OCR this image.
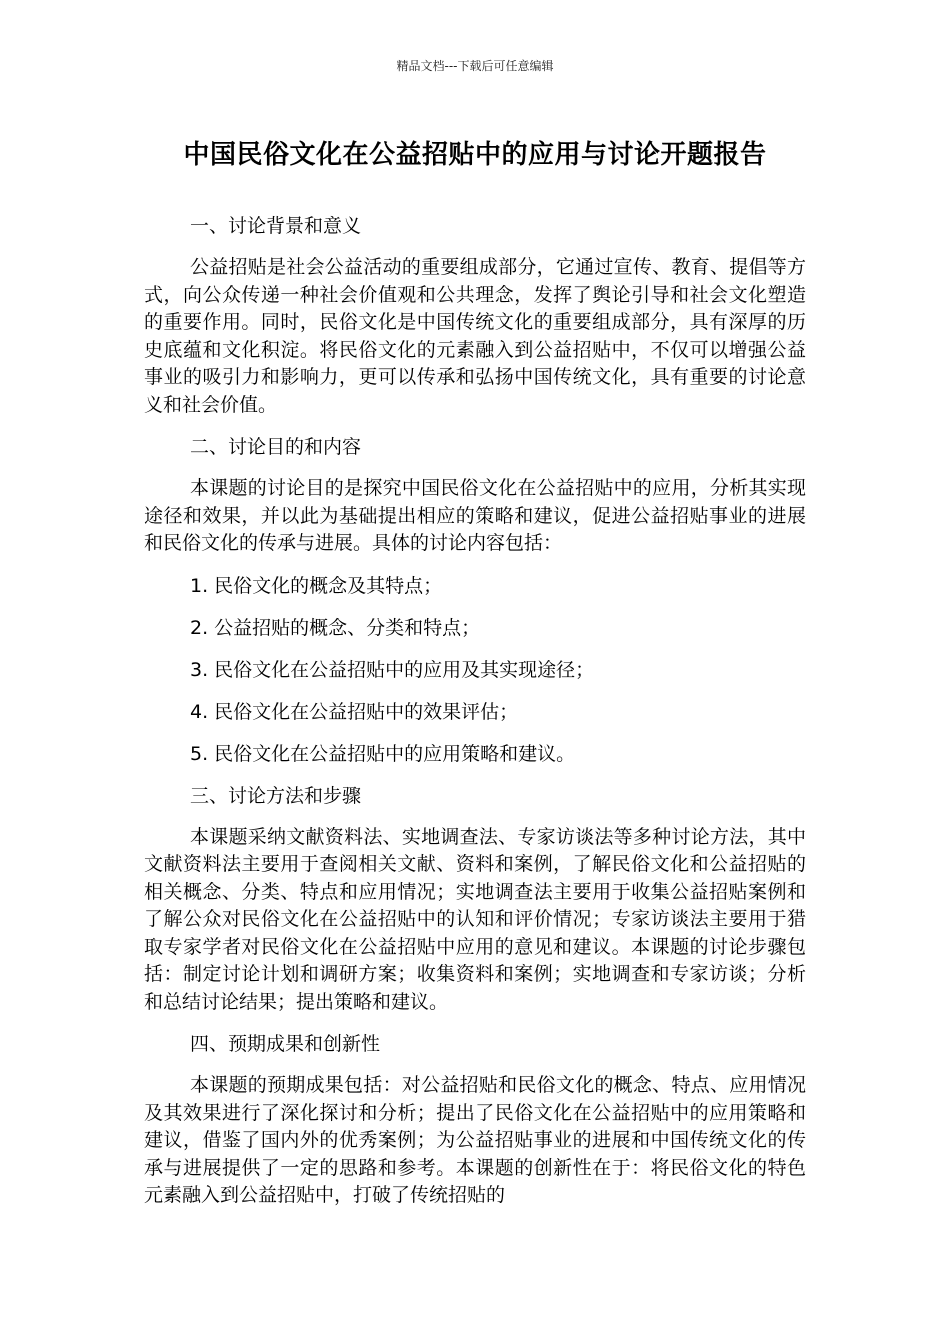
精品文档---下载后可任意编辑
中国民俗文化在公益招贴中的应用与讨论开题报告
一、讨论背景和意义
公益招贴是社会公益活动的重要组成部分，它通过宣传、教育、提倡等方式，向公众传递一种社会价值观和公共理念，发挥了舆论引导和社会文化塑造的重要作用。同时，民俗文化是中国传统文化的重要组成部分，具有深厚的历史底蕴和文化积淀。将民俗文化的元素融入到公益招贴中，不仅可以增强公益事业的吸引力和影响力，更可以传承和弘扬中国传统文化，具有重要的讨论意义和社会价值。
二、讨论目的和内容
本课题的讨论目的是探究中国民俗文化在公益招贴中的应用，分析其实现途径和效果，并以此为基础提出相应的策略和建议，促进公益招贴事业的进展和民俗文化的传承与进展。具体的讨论内容包括：
1. 民俗文化的概念及其特点；
2. 公益招贴的概念、分类和特点；
3. 民俗文化在公益招贴中的应用及其实现途径；
4. 民俗文化在公益招贴中的效果评估；
5. 民俗文化在公益招贴中的应用策略和建议。
三、讨论方法和步骤
本课题采纳文献资料法、实地调查法、专家访谈法等多种讨论方法，其中文献资料法主要用于查阅相关文献、资料和案例，了解民俗文化和公益招贴的相关概念、分类、特点和应用情况；实地调查法主要用于收集公益招贴案例和了解公众对民俗文化在公益招贴中的认知和评价情况；专家访谈法主要用于猎取专家学者对民俗文化在公益招贴中应用的意见和建议。本课题的讨论步骤包括：制定讨论计划和调研方案；收集资料和案例；实地调查和专家访谈；分析和总结讨论结果；提出策略和建议。
四、预期成果和创新性
本课题的预期成果包括：对公益招贴和民俗文化的概念、特点、应用情况及其效果进行了深化探讨和分析；提出了民俗文化在公益招贴中的应用策略和建议，借鉴了国内外的优秀案例；为公益招贴事业的进展和中国传统文化的传承与进展提供了一定的思路和参考。本课题的创新性在于：将民俗文化的特色元素融入到公益招贴中，打破了传统招贴的
